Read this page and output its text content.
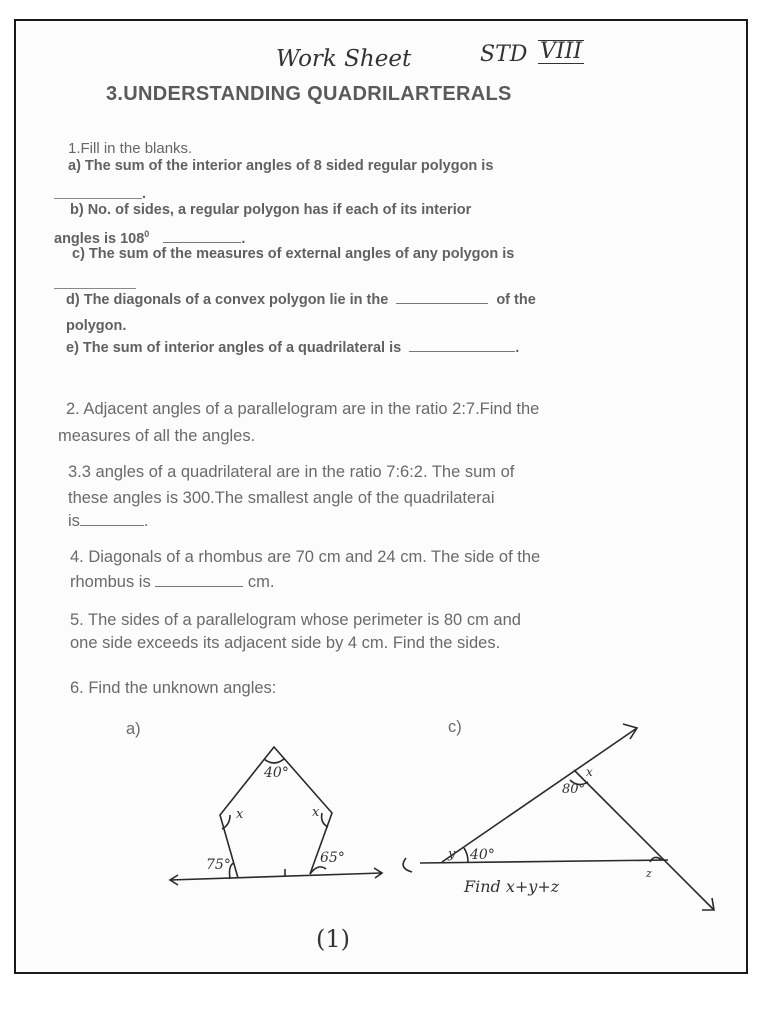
Work Sheet	STD VIII
3.UNDERSTANDING QUADRILARTERALS
1.Fill in the blanks.
a) The sum of the interior angles of 8 sided regular polygon is
.
b) No. of sides, a regular polygon has if each of its interior
angles is $108^0$	.
c) The sum of the measures of external angles of any polygon is
d) The diagonals of a convex polygon lie in the	of the
polygon.
e) The sum of interior angles of a quadrilateral is	.
2. Adjacent angles of a parallelogram are in the ratio 2:7.Find the
measures of all the angles.
3.3 angles of a quadrilateral are in the ratio 7:6:2. The sum of
these angles is 300.The smallest angle of the quadrilaterai
is	.
4. Diagonals of a rhombus are 70 cm and 24 cm. The side of the
rhombus is	cm.
5. The sides of a parallelogram whose perimeter is 80 cm and
one side exceeds its adjacent side by 4 cm. Find the sides.
6. Find the unknown angles:
a)	c)
40°
x	x
75°	65°
x
80°
y 40°
z
Find x+y+z
(1)
